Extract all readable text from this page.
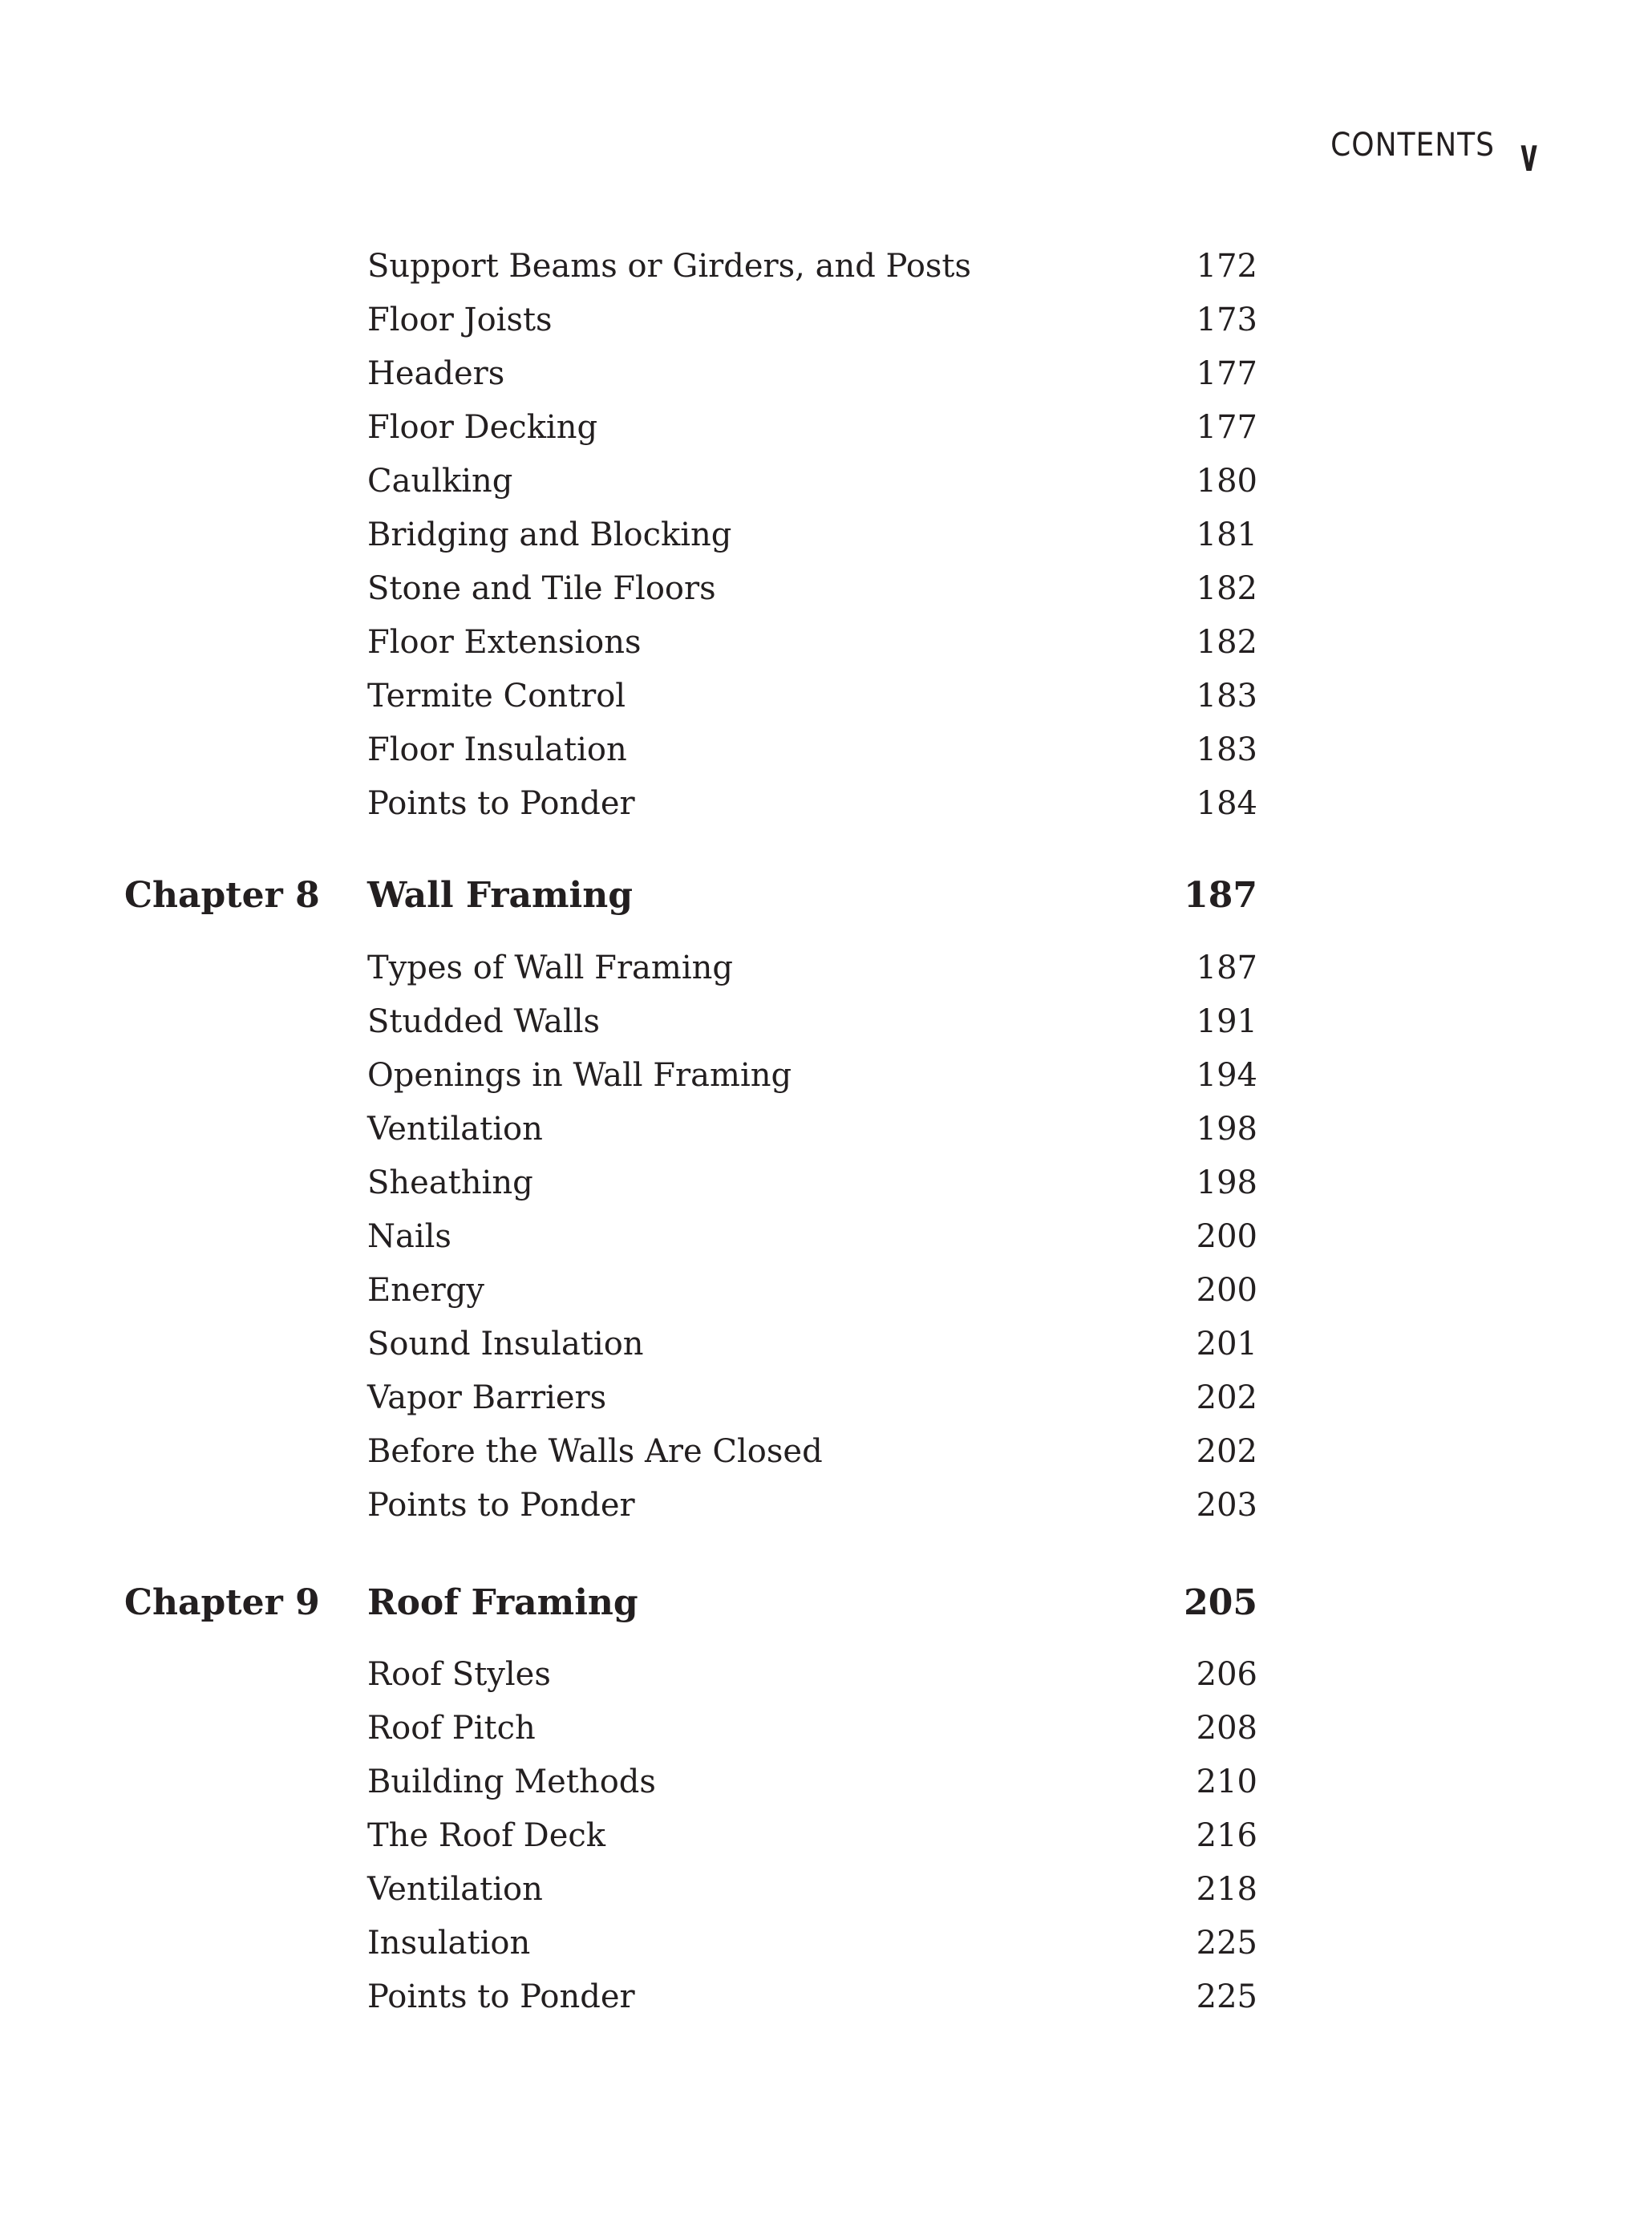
CONTENTS v
Support Beams or Girders, and Posts	172
Floor Joists	173
Headers	177
Floor Decking	177
Caulking	180
Bridging and Blocking	181
Stone and Tile Floors	182
Floor Extensions	182
Termite Control	183
Floor Insulation	183
Points to Ponder	184
Chapter 8	Wall Framing	187
Types of Wall Framing	187
Studded Walls	191
Openings in Wall Framing	194
Ventilation	198
Sheathing	198
Nails	200
Energy	200
Sound Insulation	201
Vapor Barriers	202
Before the Walls Are Closed	202
Points to Ponder	203
Chapter 9	Roof Framing	205
Roof Styles	206
Roof Pitch	208
Building Methods	210
The Roof Deck	216
Ventilation	218
Insulation	225
Points to Ponder	225
